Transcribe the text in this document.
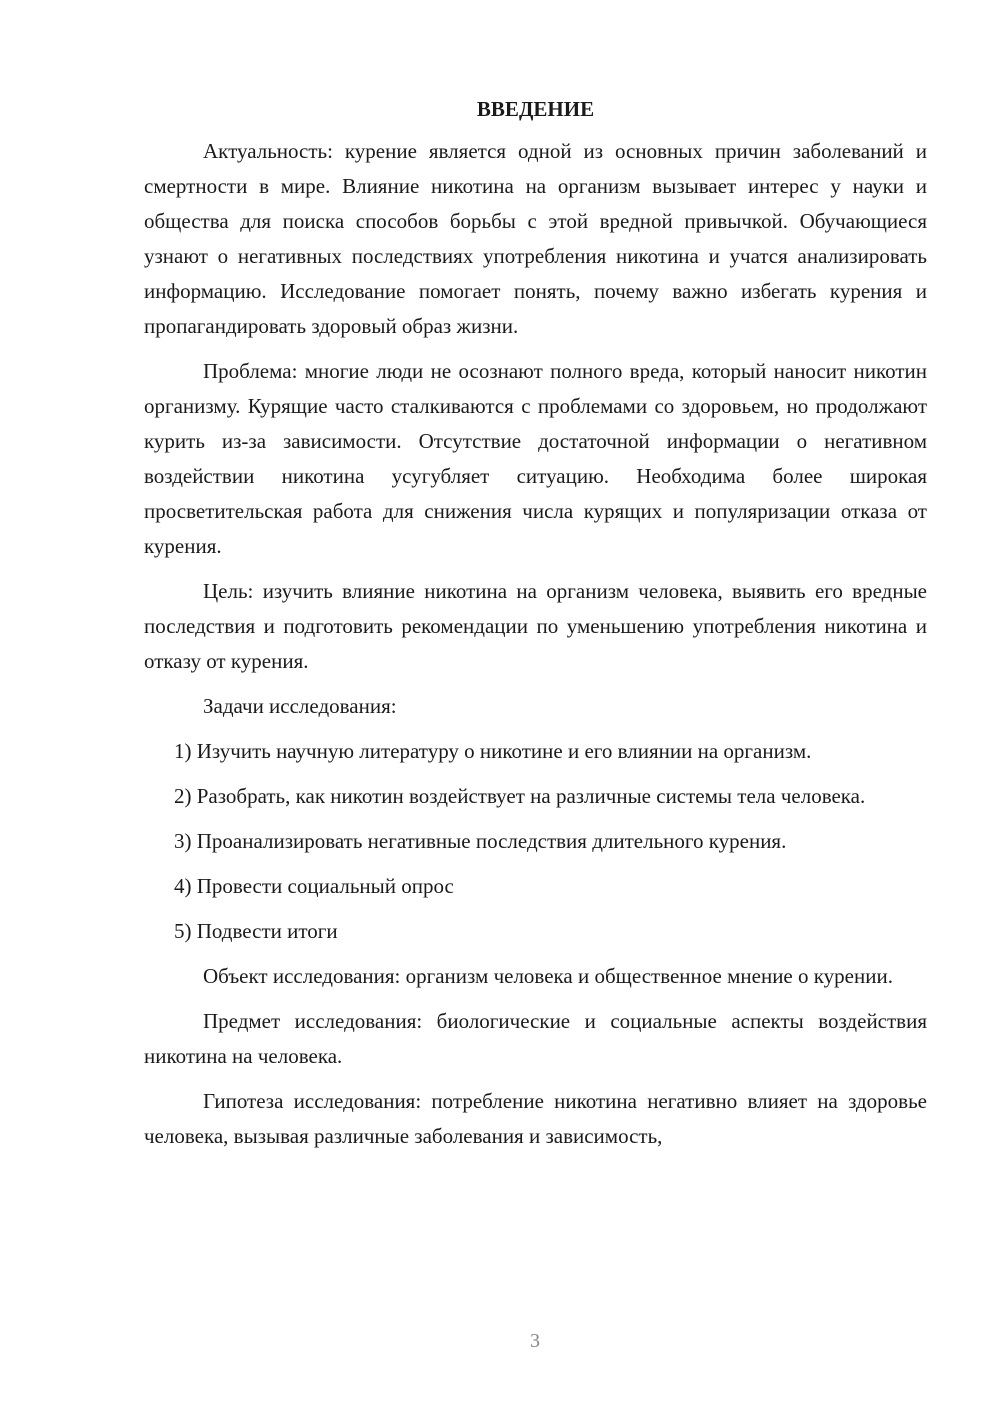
ВВЕДЕНИЕ

Актуальность: курение является одной из основных причин заболеваний и смертности в мире. Влияние никотина на организм вызывает интерес у науки и общества для поиска способов борьбы с этой вредной привычкой. Обучающиеся узнают о негативных последствиях употребления никотина и учатся анализировать информацию. Исследование помогает понять, почему важно избегать курения и пропагандировать здоровый образ жизни.

Проблема: многие люди не осознают полного вреда, который наносит никотин организму. Курящие часто сталкиваются с проблемами со здоровьем, но продолжают курить из-за зависимости. Отсутствие достаточной информации о негативном воздействии никотина усугубляет ситуацию. Необходима более широкая просветительская работа для снижения числа курящих и популяризации отказа от курения.

Цель: изучить влияние никотина на организм человека, выявить его вредные последствия и подготовить рекомендации по уменьшению употребления никотина и отказу от курения.

Задачи исследования:

1) Изучить научную литературу о никотине и его влиянии на организм.

2) Разобрать, как никотин воздействует на различные системы тела человека.

3) Проанализировать негативные последствия длительного курения.

4) Провести социальный опрос

5) Подвести итоги

Объект исследования: организм человека и общественное мнение о курении.

Предмет исследования: биологические и социальные аспекты воздействия никотина на человека.

Гипотеза исследования: потребление никотина негативно влияет на здоровье человека, вызывая различные заболевания и зависимость,

3
